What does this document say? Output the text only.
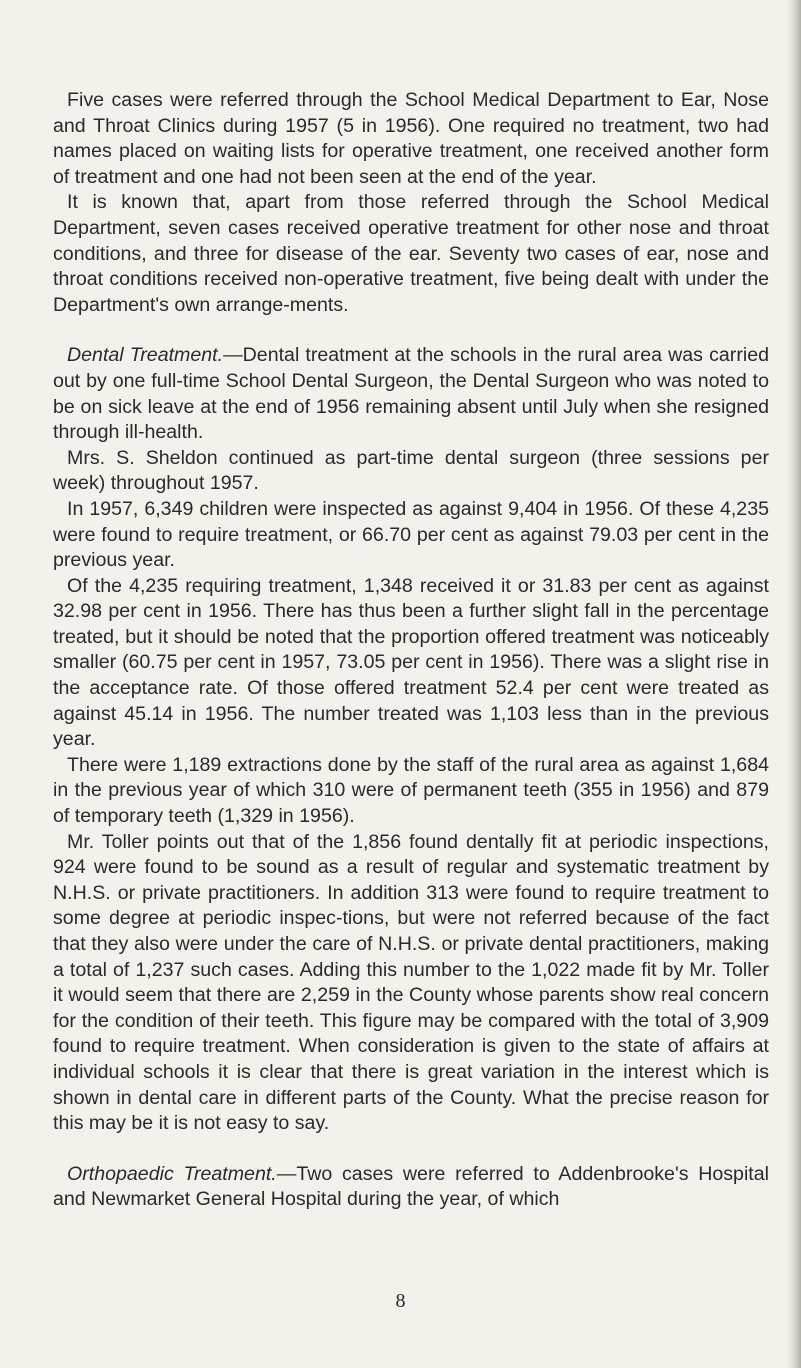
Five cases were referred through the School Medical Department to Ear, Nose and Throat Clinics during 1957 (5 in 1956). One required no treatment, two had names placed on waiting lists for operative treatment, one received another form of treatment and one had not been seen at the end of the year.

It is known that, apart from those referred through the School Medical Department, seven cases received operative treatment for other nose and throat conditions, and three for disease of the ear. Seventy two cases of ear, nose and throat conditions received non-operative treatment, five being dealt with under the Department's own arrange-ments.

Dental Treatment.—Dental treatment at the schools in the rural area was carried out by one full-time School Dental Surgeon, the Dental Surgeon who was noted to be on sick leave at the end of 1956 remaining absent until July when she resigned through ill-health.

Mrs. S. Sheldon continued as part-time dental surgeon (three sessions per week) throughout 1957.

In 1957, 6,349 children were inspected as against 9,404 in 1956. Of these 4,235 were found to require treatment, or 66.70 per cent as against 79.03 per cent in the previous year.

Of the 4,235 requiring treatment, 1,348 received it or 31.83 per cent as against 32.98 per cent in 1956. There has thus been a further slight fall in the percentage treated, but it should be noted that the proportion offered treatment was noticeably smaller (60.75 per cent in 1957, 73.05 per cent in 1956). There was a slight rise in the acceptance rate. Of those offered treatment 52.4 per cent were treated as against 45.14 in 1956. The number treated was 1,103 less than in the previous year.

There were 1,189 extractions done by the staff of the rural area as against 1,684 in the previous year of which 310 were of permanent teeth (355 in 1956) and 879 of temporary teeth (1,329 in 1956).

Mr. Toller points out that of the 1,856 found dentally fit at periodic inspections, 924 were found to be sound as a result of regular and systematic treatment by N.H.S. or private practitioners. In addition 313 were found to require treatment to some degree at periodic inspec-tions, but were not referred because of the fact that they also were under the care of N.H.S. or private dental practitioners, making a total of 1,237 such cases. Adding this number to the 1,022 made fit by Mr. Toller it would seem that there are 2,259 in the County whose parents show real concern for the condition of their teeth. This figure may be compared with the total of 3,909 found to require treatment. When consideration is given to the state of affairs at individual schools it is clear that there is great variation in the interest which is shown in dental care in different parts of the County. What the precise reason for this may be it is not easy to say.

Orthopaedic Treatment.—Two cases were referred to Addenbrooke's Hospital and Newmarket General Hospital during the year, of which

8
